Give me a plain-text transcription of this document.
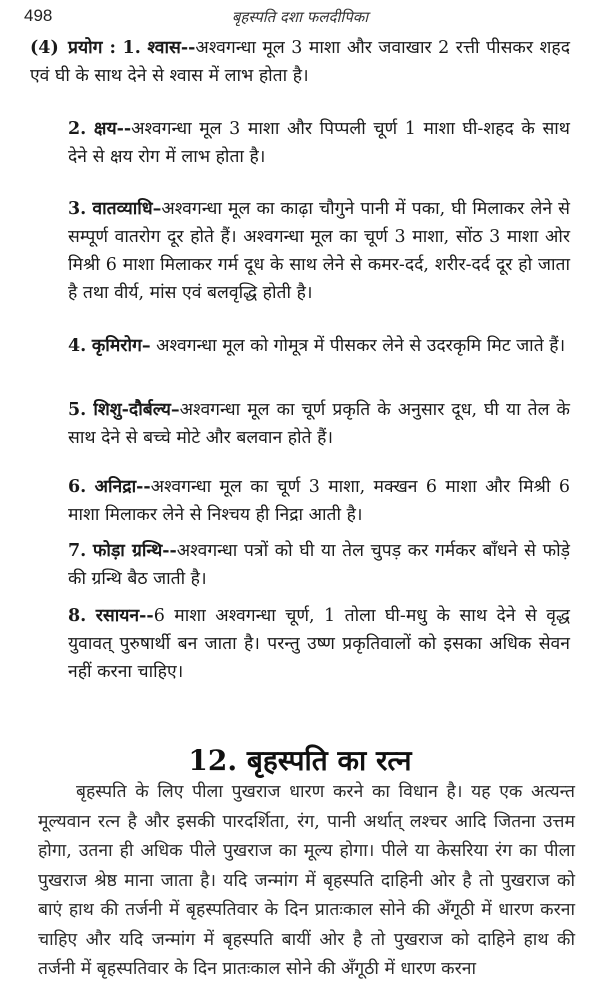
498	बृहस्पति दशा फलदीपिका

(4) प्रयोग : 1. श्वास--अश्वगन्धा मूल 3 माशा और जवाखार 2 रत्ती पीसकर शहद एवं घी के साथ देने से श्वास में लाभ होता है।

2. क्षय--अश्वगन्धा मूल 3 माशा और पिप्पली चूर्ण 1 माशा घी-शहद के साथ देने से क्षय रोग में लाभ होता है।

3. वातव्याधि–अश्वगन्धा मूल का काढ़ा चौगुने पानी में पका, घी मिलाकर लेने से सम्पूर्ण वातरोग दूर होते हैं। अश्वगन्धा मूल का चूर्ण 3 माशा, सोंठ 3 माशा ओर मिश्री 6 माशा मिलाकर गर्म दूध के साथ लेने से कमर-दर्द, शरीर-दर्द दूर हो जाता है तथा वीर्य, मांस एवं बलवृद्धि होती है।

4. कृमिरोग– अश्वगन्धा मूल को गोमूत्र में पीसकर लेने से उदरकृमि मिट जाते हैं।

5. शिशु-दौर्बल्य–अश्वगन्धा मूल का चूर्ण प्रकृति के अनुसार दूध, घी या तेल के साथ देने से बच्चे मोटे और बलवान होते हैं।

6. अनिद्रा--अश्वगन्धा मूल का चूर्ण 3 माशा, मक्खन 6 माशा और मिश्री 6 माशा मिलाकर लेने से निश्चय ही निद्रा आती है।

7. फोड़ा ग्रन्थि--अश्वगन्धा पत्रों को घी या तेल चुपड़ कर गर्मकर बाँधने से फोड़े की ग्रन्थि बैठ जाती है।

8. रसायन--6 माशा अश्वगन्धा चूर्ण, 1 तोला घी-मधु के साथ देने से वृद्ध युवावत् पुरुषार्थी बन जाता है। परन्तु उष्ण प्रकृतिवालों को इसका अधिक सेवन नहीं करना चाहिए।

12. बृहस्पति का रत्न

बृहस्पति के लिए पीला पुखराज धारण करने का विधान है। यह एक अत्यन्त मूल्यवान रत्न है और इसकी पारदर्शिता, रंग, पानी अर्थात् लश्चर आदि जितना उत्तम होगा, उतना ही अधिक पीले पुखराज का मूल्य होगा। पीले या केसरिया रंग का पीला पुखराज श्रेष्ठ माना जाता है। यदि जन्मांग में बृहस्पति दाहिनी ओर है तो पुखराज को बाएं हाथ की तर्जनी में बृहस्पतिवार के दिन प्रातःकाल सोने की अँगूठी में धारण करना चाहिए और यदि जन्मांग में बृहस्पति बायीं ओर है तो पुखराज को दाहिने हाथ की तर्जनी में बृहस्पतिवार के दिन प्रातःकाल सोने की अँगूठी में धारण करना
